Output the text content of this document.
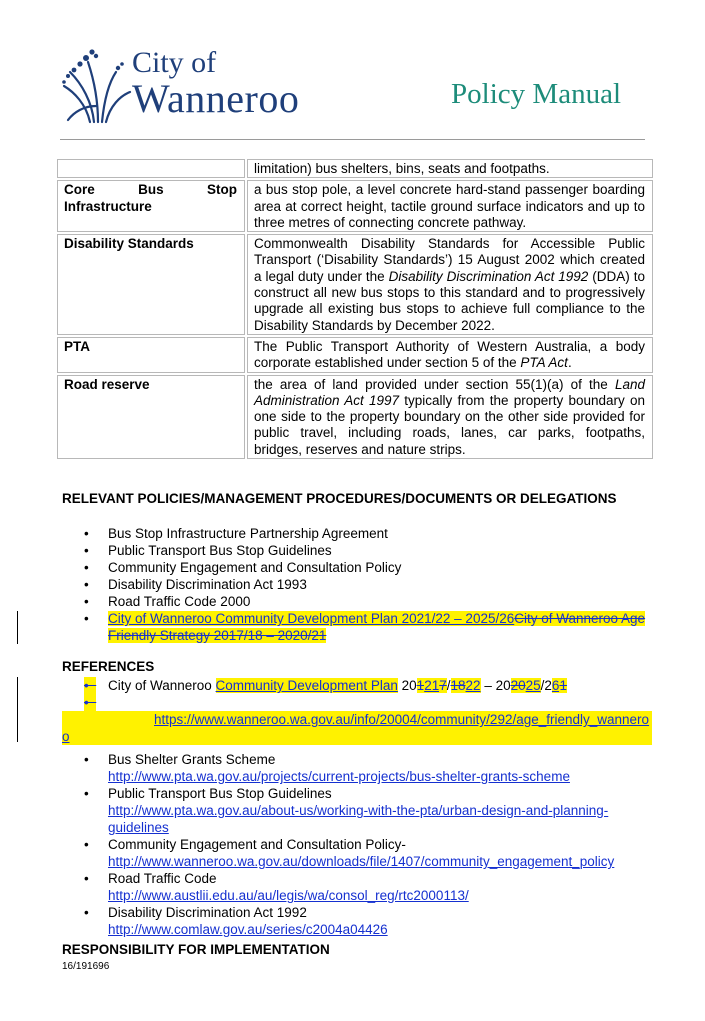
City of
Wanneroo	Policy Manual
	limitation) bus shelters, bins, seats and footpaths.

Core Bus Stop Infrastructure	a bus stop pole, a level concrete hard-stand passenger boarding area at correct height, tactile ground surface indicators and up to three metres of connecting concrete pathway.
Disability Standards	Commonwealth Disability Standards for Accessible Public Transport (‘Disability Standards’) 15 August 2002 which created a legal duty under the Disability Discrimination Act 1992 (DDA) to construct all new bus stops to this standard and to progressively upgrade all existing bus stops to achieve full compliance to the Disability Standards by December 2022.
PTA	The Public Transport Authority of Western Australia, a body corporate established under section 5 of the PTA Act.
Road reserve	the area of land provided under section 55(1)(a) of the Land Administration Act 1997 typically from the property boundary on one side to the property boundary on the other side provided for public travel, including roads, lanes, car parks, footpaths, bridges, reserves and nature strips.
RELEVANT POLICIES/MANAGEMENT PROCEDURES/DOCUMENTS OR DELEGATIONS
• Bus Stop Infrastructure Partnership Agreement
• Public Transport Bus Stop Guidelines
• Community Engagement and Consultation Policy
• Disability Discrimination Act 1993
• Road Traffic Code 2000
• City of Wanneroo Community Development Plan 2021/22 – 2025/26City of Wanneroo Age Friendly Strategy 2017/18 – 2020/21
REFERENCES
• City of Wanneroo Community Development Plan 201217/1822 – 202025/261
•
https://www.wanneroo.wa.gov.au/info/20004/community/292/age_friendly_wanneroo
• Bus Shelter Grants Scheme
http://www.pta.wa.gov.au/projects/current-projects/bus-shelter-grants-scheme
• Public Transport Bus Stop Guidelines
http://www.pta.wa.gov.au/about-us/working-with-the-pta/urban-design-and-planning-guidelines
• Community Engagement and Consultation Policy-
http://www.wanneroo.wa.gov.au/downloads/file/1407/community_engagement_policy
• Road Traffic Code
http://www.austlii.edu.au/au/legis/wa/consol_reg/rtc2000113/
• Disability Discrimination Act 1992
http://www.comlaw.gov.au/series/c2004a04426
RESPONSIBILITY FOR IMPLEMENTATION
16/191696
